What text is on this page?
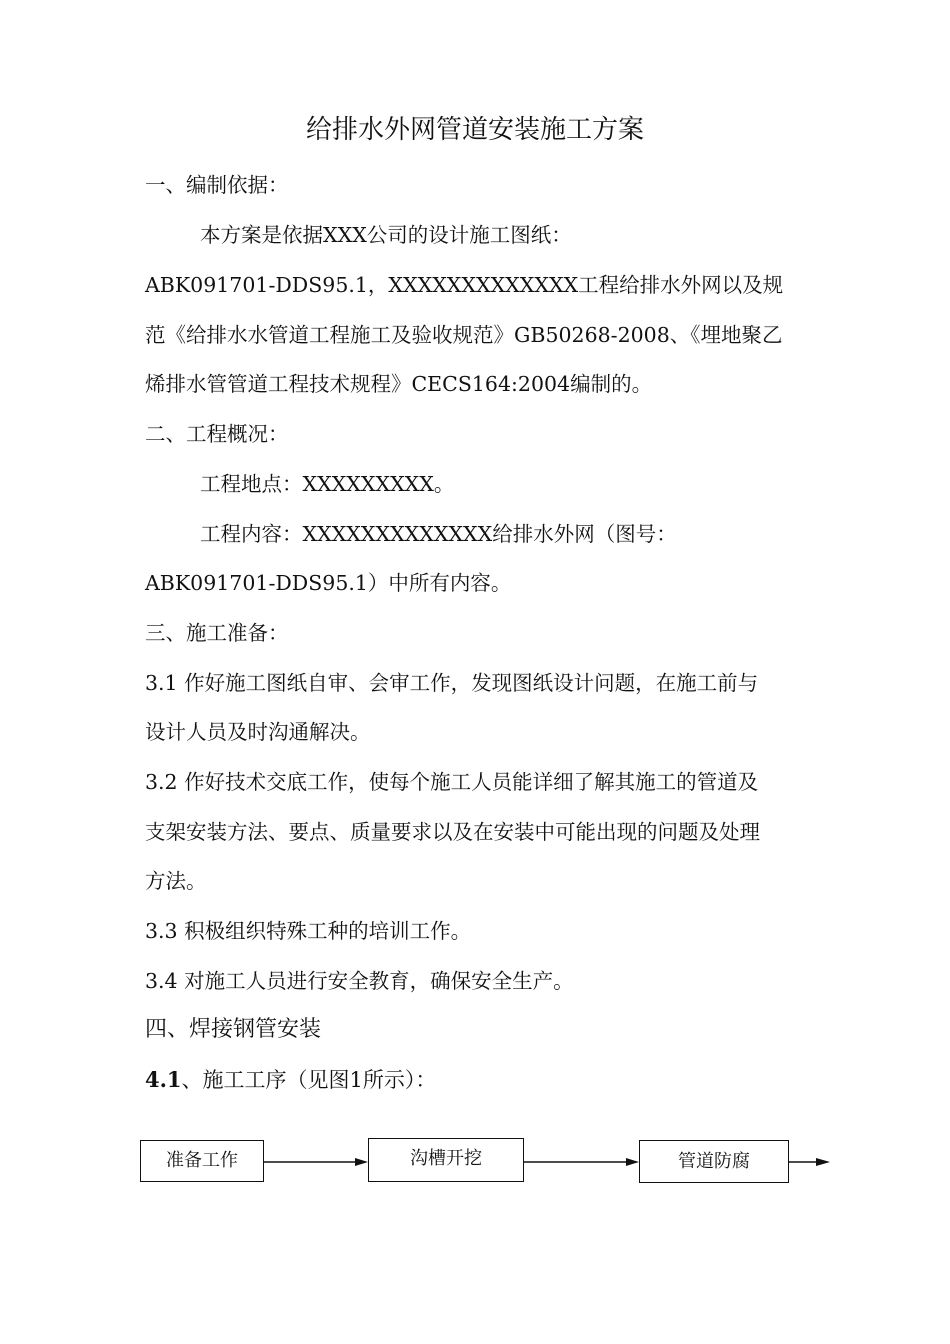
给排水外网管道安装施工方案
一、编制依据：
本方案是依据XXX公司的设计施工图纸：
ABK091701-DDS95.1，XXXXXXXXXXXXX工程给排水外网以及规
范《给排水水管道工程施工及验收规范》GB50268-2008、《埋地聚乙
烯排水管管道工程技术规程》CECS164:2004编制的。
二、工程概况：
工程地点：XXXXXXXXX。
工程内容：XXXXXXXXXXXXX给排水外网（图号：
ABK091701-DDS95.1）中所有内容。
三、施工准备：
3.1 作好施工图纸自审、会审工作，发现图纸设计问题，在施工前与
设计人员及时沟通解决。
3.2 作好技术交底工作，使每个施工人员能详细了解其施工的管道及
支架安装方法、要点、质量要求以及在安装中可能出现的问题及处理
方法。
3.3 积极组织特殊工种的培训工作。
3.4 对施工人员进行安全教育，确保安全生产。
四、焊接钢管安装
4.1、施工工序（见图1所示）：
准备工作	沟槽开挖	管道防腐
